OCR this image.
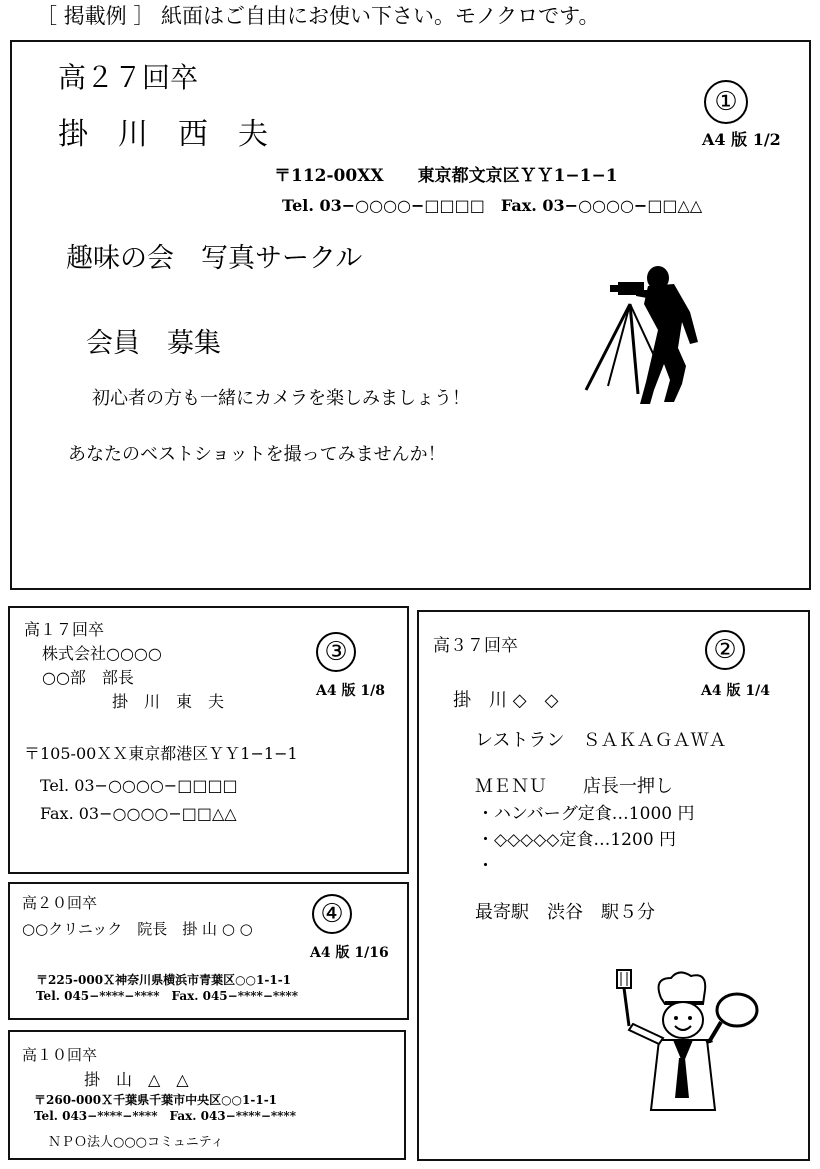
［ 掲載例 ］ 紙面はご自由にお使い下さい。モノクロです。
高２７回卒
掛　川　西　夫
①
A4 版 1/2
〒112-00XX　　東京都文京区ＹＹ1−1−1
Tel. 03−○○○○−□□□□　Fax. 03−○○○○−□□△△
趣味の会　写真サークル
会員　募集
初心者の方も一緒にカメラを楽しみましょう！
あなたのベストショットを撮ってみませんか！
高１７回卒
株式会社○○○○
○○部　部長
掛　川　東　夫
③
A4 版 1/8
〒105-00ＸＸ東京都港区ＹＹ1−1−1
Tel. 03−○○○○−□□□□
Fax. 03−○○○○−□□△△
高３７回卒	②
A4 版 1/4
掛　川 ◇　◇
レストラン　ＳＡＫＡＧＡＷＡ
ＭＥＮＵ　　店長一押し
・ハンバーグ定食…1000 円
・◇◇◇◇◇定食…1200 円
・
最寄駅　渋谷　駅５分
高２０回卒
○○クリニック　院長　掛 山 ○ ○	④
A4 版 1/16
〒225-000Ｘ神奈川県横浜市青葉区○○1-1-1
Tel. 045−****−****　Fax. 045−****−****
高１０回卒
掛　山　△　△
〒260-000Ｘ千葉県千葉市中央区○○1-1-1
Tel. 043−****−****　Fax. 043−****−****
ＮＰＯ法人○○○コミュニティ
